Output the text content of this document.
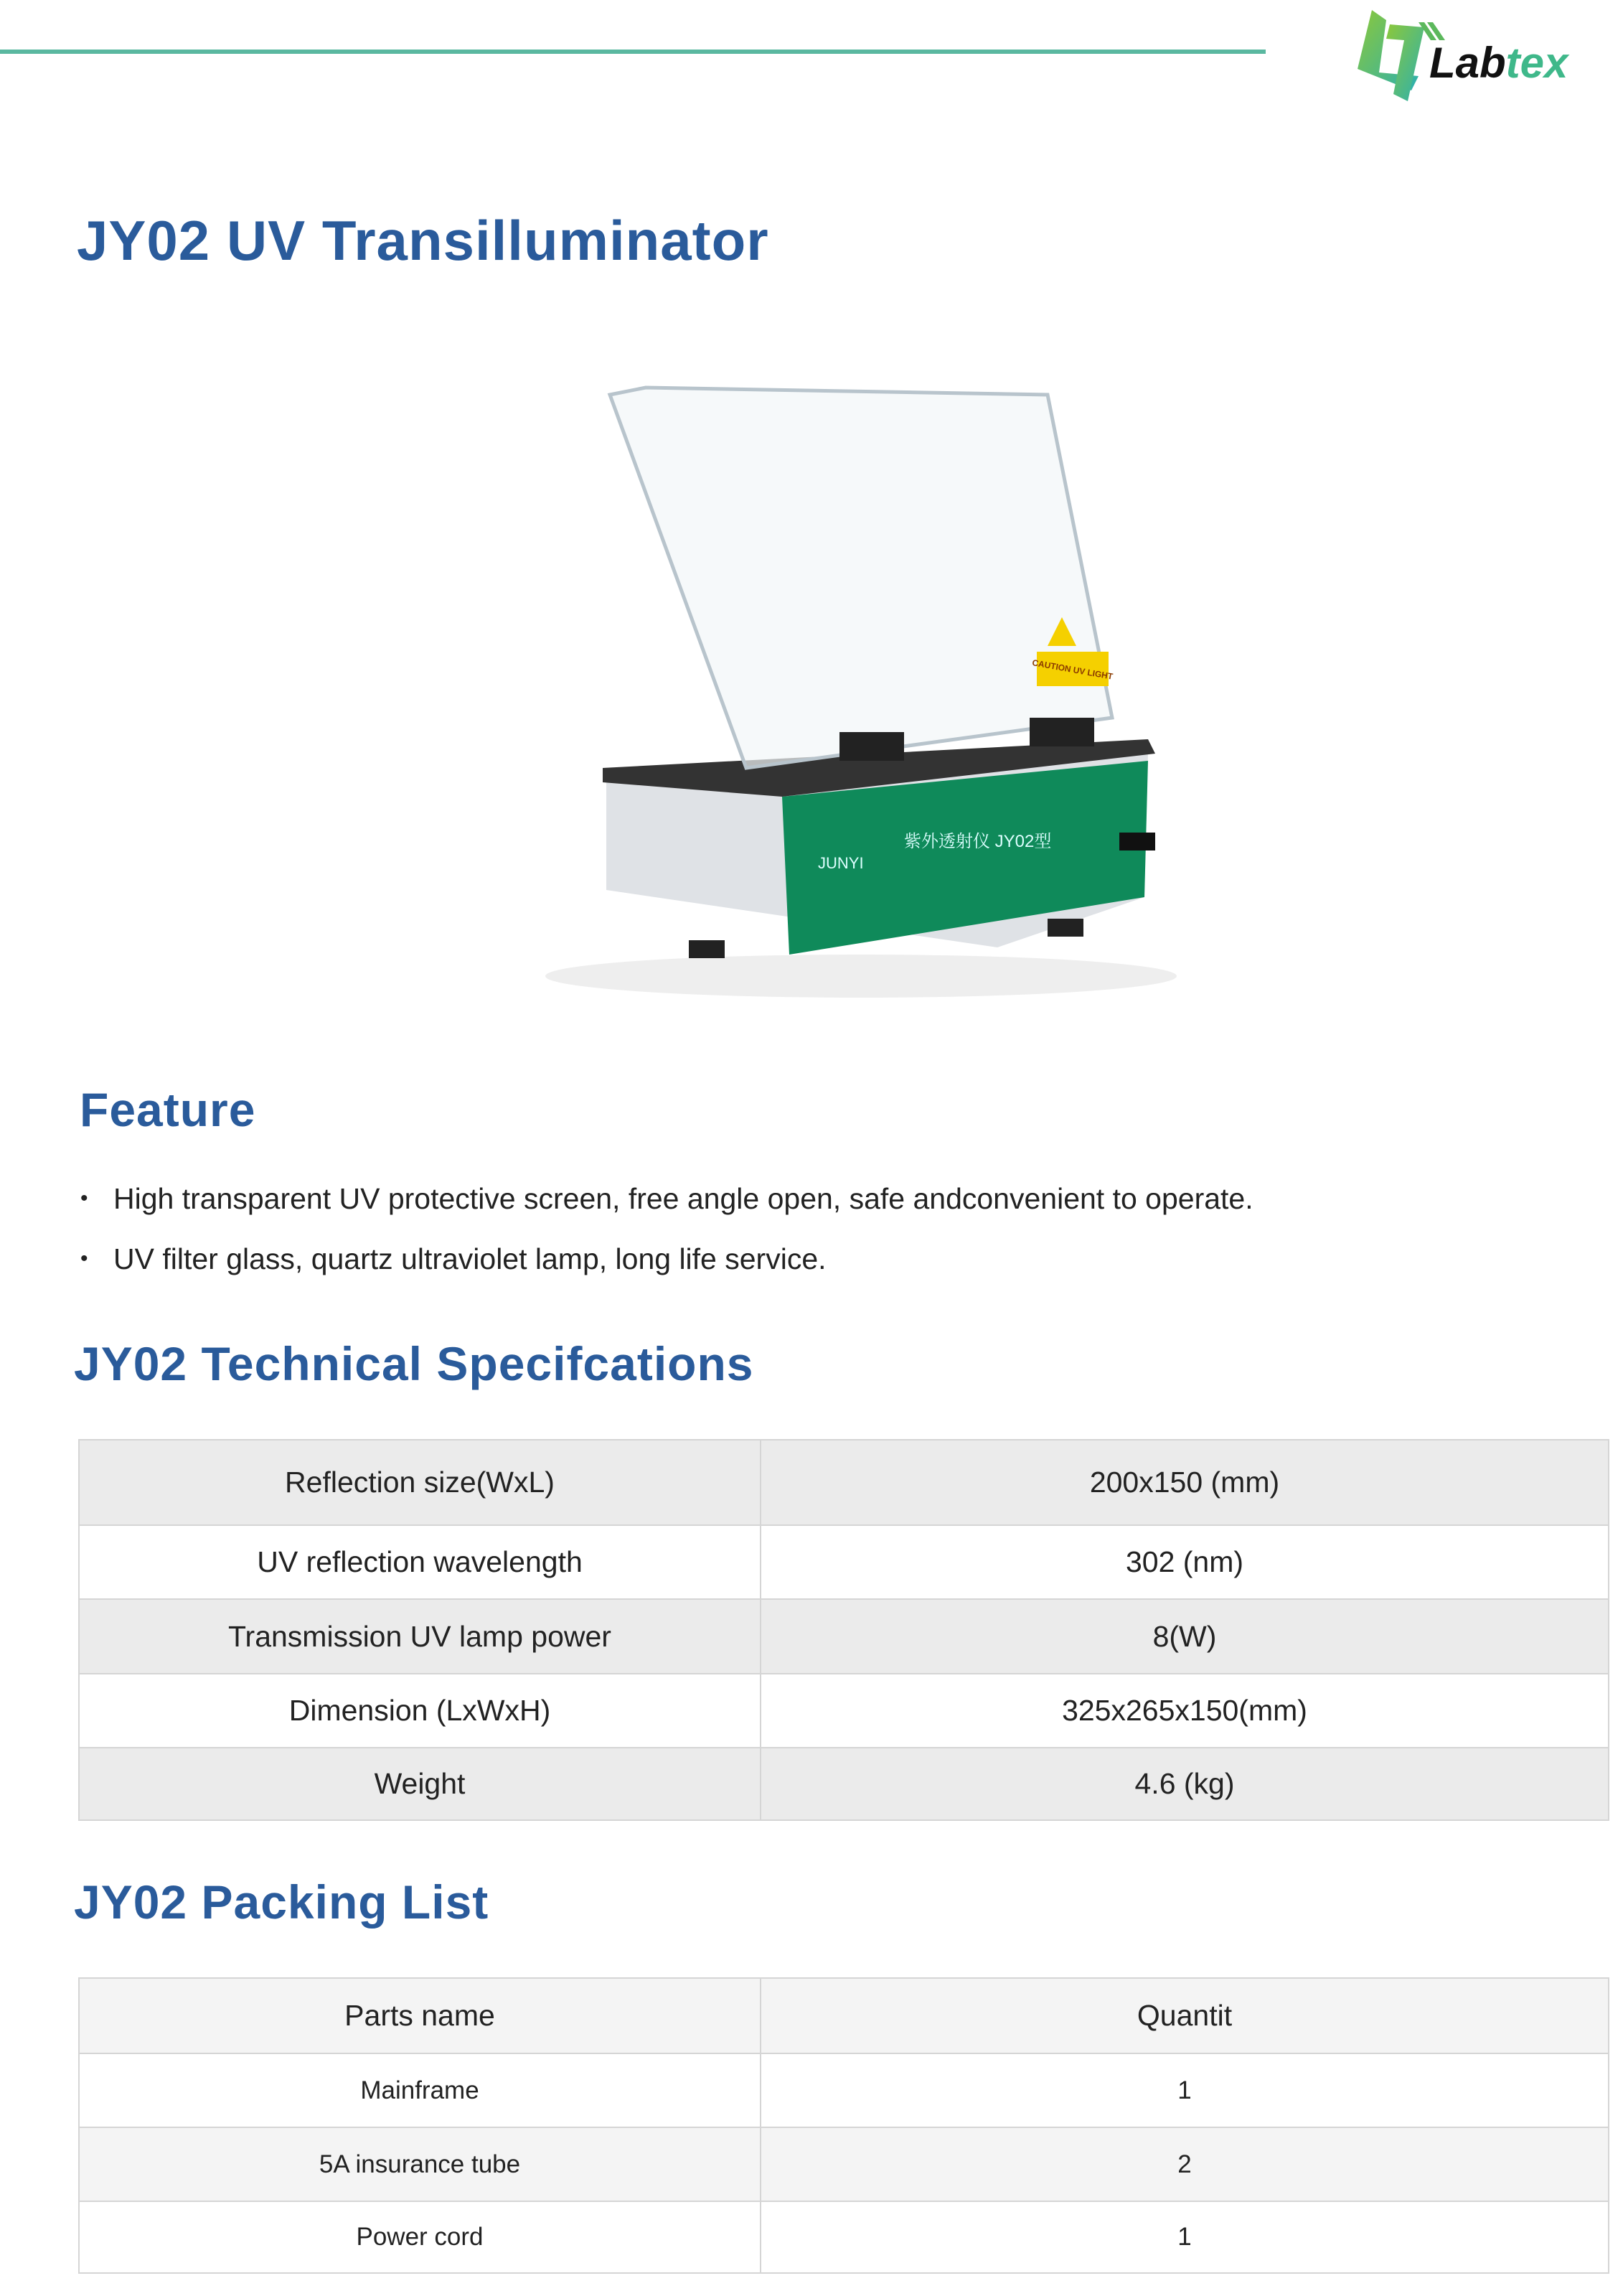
Labtex
JY02 UV Transilluminator
CAUTION UV LIGHT
JUNYI
紫外透射仪 JY02型
Feature
• High transparent UV protective screen, free angle open, safe andconvenient to operate.
• UV filter glass, quartz ultraviolet lamp, long life service.
JY02 Technical Specifcations
Reflection size(WxL)	200x150 (mm)
UV reflection wavelength	302 (nm)
Transmission UV lamp power	8(W)
Dimension (LxWxH)	325x265x150(mm)
Weight	4.6 (kg)
JY02 Packing List
Parts name	Quantit
Mainframe	1
5A insurance tube	2
Power cord	1
